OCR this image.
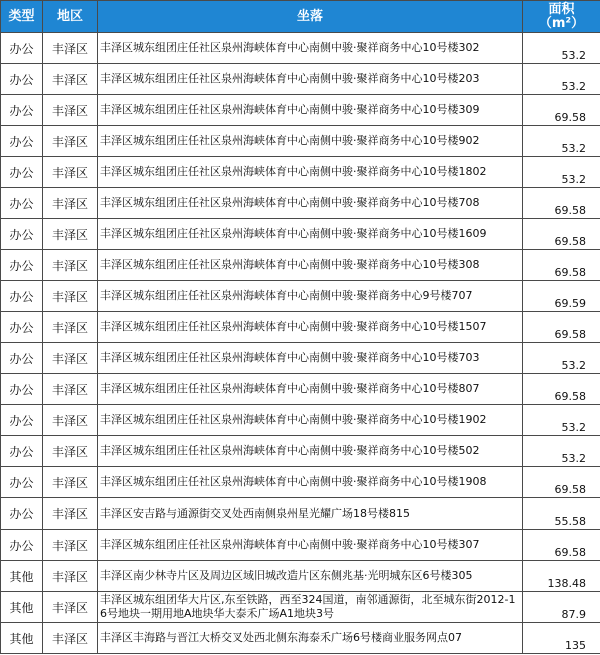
类型	地区	坐落	面积
（m²）

办公	丰泽区	丰泽区城东组团庄任社区泉州海峡体育中心南侧中骏·聚祥商务中心10号楼302	53.2
办公	丰泽区	丰泽区城东组团庄任社区泉州海峡体育中心南侧中骏·聚祥商务中心10号楼203	53.2
办公	丰泽区	丰泽区城东组团庄任社区泉州海峡体育中心南侧中骏·聚祥商务中心10号楼309	69.58
办公	丰泽区	丰泽区城东组团庄任社区泉州海峡体育中心南侧中骏·聚祥商务中心10号楼902	53.2
办公	丰泽区	丰泽区城东组团庄任社区泉州海峡体育中心南侧中骏·聚祥商务中心10号楼1802	53.2
办公	丰泽区	丰泽区城东组团庄任社区泉州海峡体育中心南侧中骏·聚祥商务中心10号楼708	69.58
办公	丰泽区	丰泽区城东组团庄任社区泉州海峡体育中心南侧中骏·聚祥商务中心10号楼1609	69.58
办公	丰泽区	丰泽区城东组团庄任社区泉州海峡体育中心南侧中骏·聚祥商务中心10号楼308	69.58
办公	丰泽区	丰泽区城东组团庄任社区泉州海峡体育中心南侧中骏·聚祥商务中心9号楼707	69.59
办公	丰泽区	丰泽区城东组团庄任社区泉州海峡体育中心南侧中骏·聚祥商务中心10号楼1507	69.58
办公	丰泽区	丰泽区城东组团庄任社区泉州海峡体育中心南侧中骏·聚祥商务中心10号楼703	53.2
办公	丰泽区	丰泽区城东组团庄任社区泉州海峡体育中心南侧中骏·聚祥商务中心10号楼807	69.58
办公	丰泽区	丰泽区城东组团庄任社区泉州海峡体育中心南侧中骏·聚祥商务中心10号楼1902	53.2
办公	丰泽区	丰泽区城东组团庄任社区泉州海峡体育中心南侧中骏·聚祥商务中心10号楼502	53.2
办公	丰泽区	丰泽区城东组团庄任社区泉州海峡体育中心南侧中骏·聚祥商务中心10号楼1908	69.58
办公	丰泽区	丰泽区安吉路与通源街交叉处西南侧泉州星光耀广场18号楼815	55.58
办公	丰泽区	丰泽区城东组团庄任社区泉州海峡体育中心南侧中骏·聚祥商务中心10号楼307	69.58
其他	丰泽区	丰泽区南少林寺片区及周边区域旧城改造片区东侧兆基·光明城东区6号楼305	138.48
其他	丰泽区	丰泽区城东组团华大片区,东至铁路，西至324国道，南邻通源街，北至城东街2012-16号地块一期用地A地块华大泰禾广场A1地块3号	87.9
其他	丰泽区	丰泽区丰海路与晋江大桥交叉处西北侧东海泰禾广场6号楼商业服务网点07	135
